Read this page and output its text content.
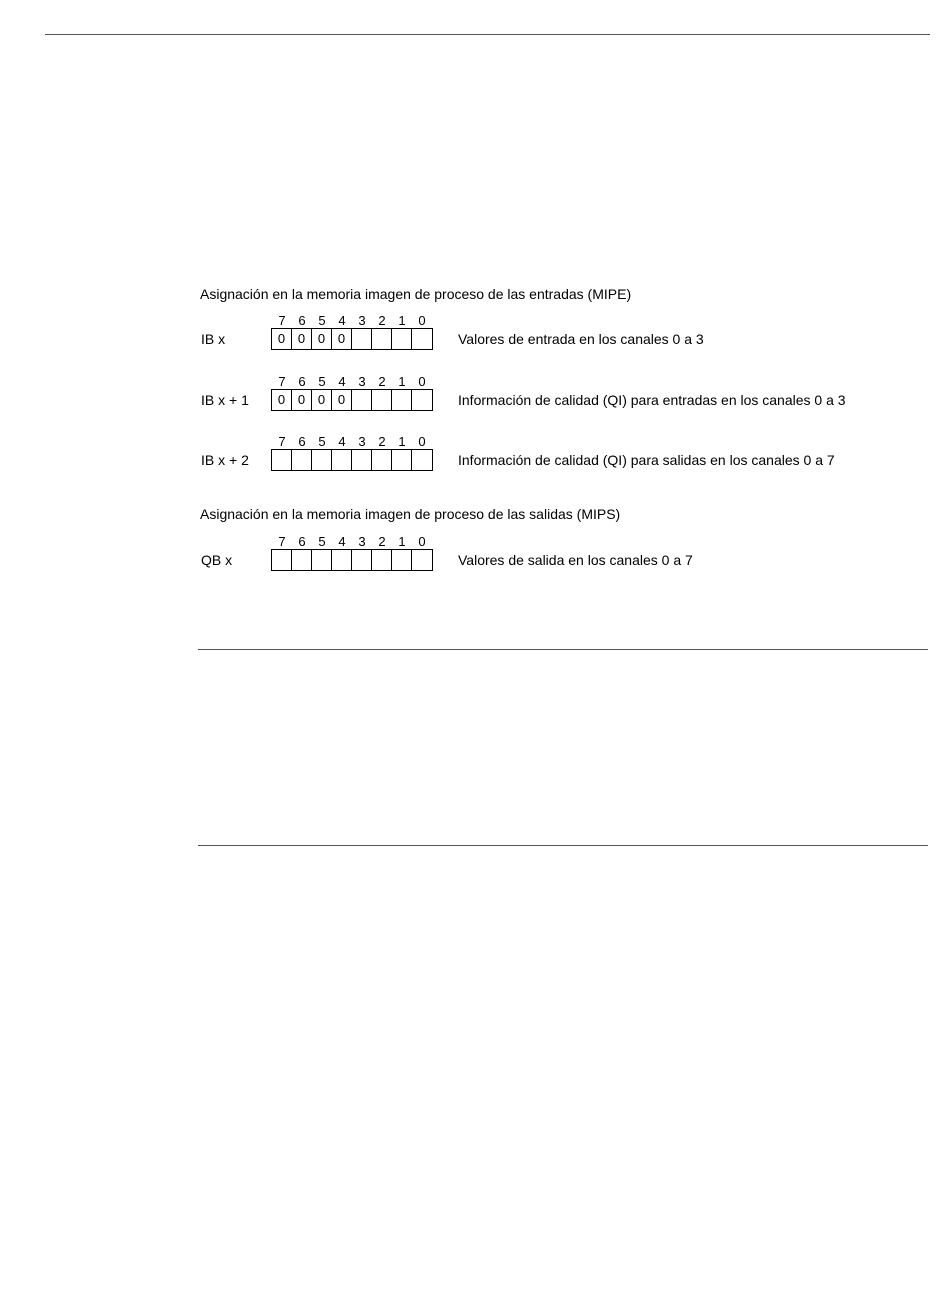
Asignación en la memoria imagen de proceso de las entradas (MIPE)
IB x
7 6 5 4 3 2 1 0
0 0 0 0	Valores de entrada en los canales 0 a 3
IB x + 1
7 6 5 4 3 2 1 0
0 0 0 0	Información de calidad (QI) para entradas en los canales 0 a 3
IB x + 2
7 6 5 4 3 2 1 0
Información de calidad (QI) para salidas en los canales 0 a 7
Asignación en la memoria imagen de proceso de las salidas (MIPS)
QB x
7 6 5 4 3 2 1 0
Valores de salida en los canales 0 a 7
